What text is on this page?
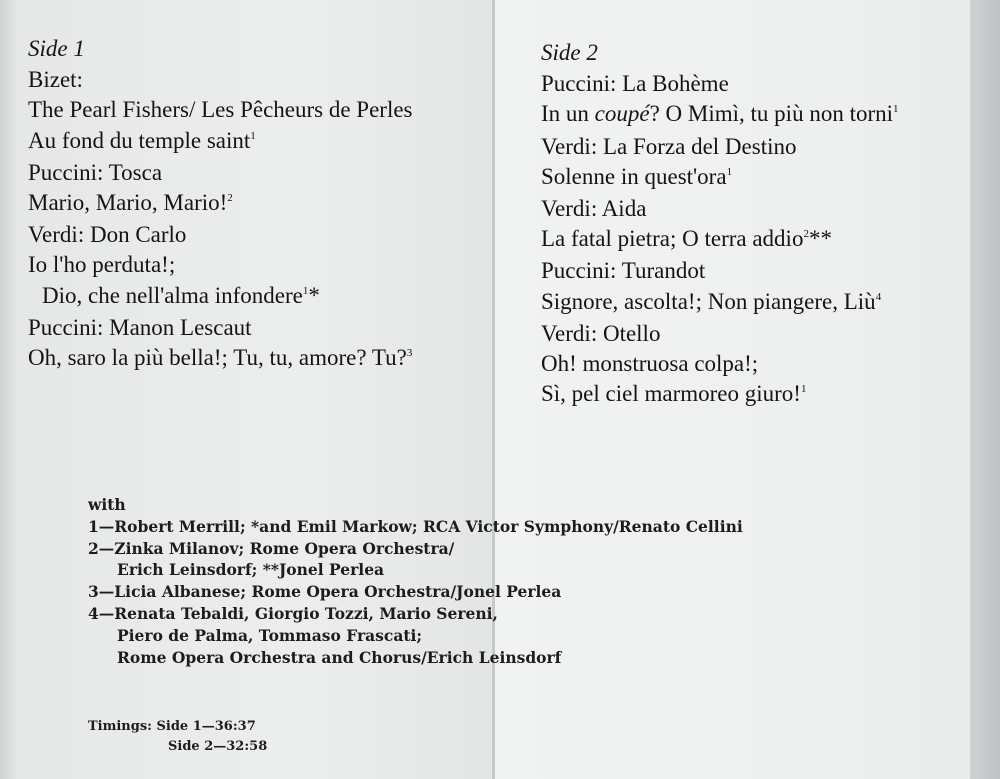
Side 1
Bizet:
The Pearl Fishers/ Les Pêcheurs de Perles
Au fond du temple saint$^1$
Puccini: Tosca
Mario, Mario, Mario!$^2$
Verdi: Don Carlo
Io l'ho perduta!;
Dio, che nell'alma infondere$^1$*
Puccini: Manon Lescaut
Oh, saro la più bella!; Tu, tu, amore? Tu?$^3$
Side 2
Puccini: La Bohème
In un coupé? O Mimì, tu più non torni$^1$
Verdi: La Forza del Destino
Solenne in quest'ora$^1$
Verdi: Aida
La fatal pietra; O terra addio$^2$**
Puccini: Turandot
Signore, ascolta!; Non piangere, Liù$^4$
Verdi: Otello
Oh! monstruosa colpa!;
Sì, pel ciel marmoreo giuro!$^1$
with
1—Robert Merrill; *and Emil Markow; RCA Victor Symphony/Renato Cellini
2—Zinka Milanov; Rome Opera Orchestra/
Erich Leinsdorf; **Jonel Perlea
3—Licia Albanese; Rome Opera Orchestra/Jonel Perlea
4—Renata Tebaldi, Giorgio Tozzi, Mario Sereni,
Piero de Palma, Tommaso Frascati;
Rome Opera Orchestra and Chorus/Erich Leinsdorf
Timings: Side 1—36:37
Side 2—32:58
